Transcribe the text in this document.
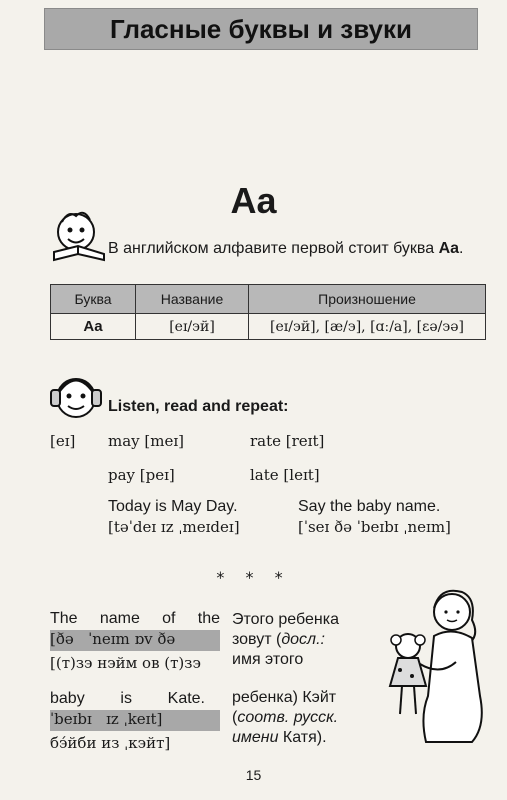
Гласные буквы и звуки
Aa
В английском алфавите первой стоит буква Aa.
Буква	Название	Произношение
Aa	[eɪ/эй]	[eɪ/эй], [æ/э], [ɑː/a], [ɛə/эə]
Listen, read and repeat:
[eɪ] may [meɪ]	rate [reɪt]
pay [peɪ]	late [leɪt]
Today is May Day.
[təˈdeɪ ɪz ˌmeɪdeɪ]
Say the baby name.
[ˈseɪ ðə ˈbeɪbɪ ˌneɪm]
* * *
The name of the
[ðə   ˈneɪm ɒv ðə
[(т)зэ нэйм ов (т)зэ
baby is Kate.
ˈbeɪbɪ   ɪz ˌkeɪt]
бэ́йби из ˌкэйт]
Этого ребенка
зовут (досл.:
имя этого
ребенка) Кэйт
(соотв. русск.
имени Катя).
15
